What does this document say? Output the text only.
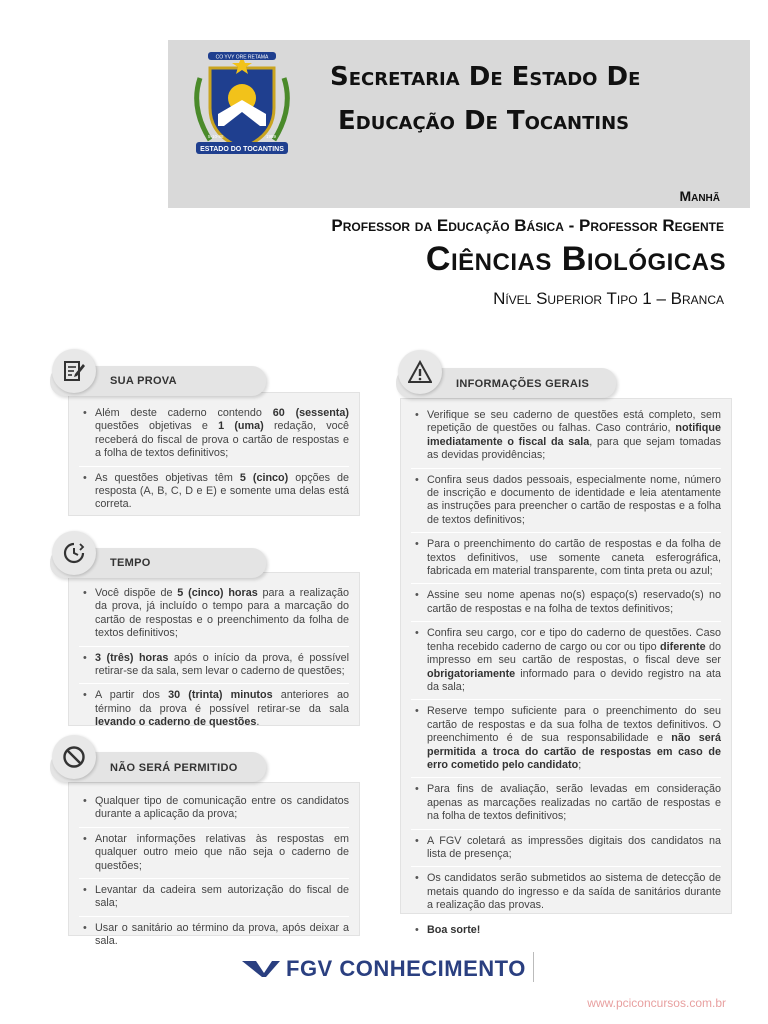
CO YVY ORE RETAMA
ESTADO DO TOCANTINS
5-10-88	1989
Secretaria De Estado De
Educação De Tocantins
Manhã
Professor da Educação Básica - Professor Regente
Ciências Biológicas
Nível Superior Tipo 1 – Branca
• Além deste caderno contendo 60 (sessenta) questões objetivas e 1 (uma) redação, você receberá do fiscal de prova o cartão de respostas e a folha de textos definitivos;
• As questões objetivas têm 5 (cinco) opções de resposta (A, B, C, D e E) e somente uma delas está correta.
SUA PROVA
• Você dispõe de 5 (cinco) horas para a realização da prova, já incluído o tempo para a marcação do cartão de respostas e o preenchimento da folha de textos definitivos;
• 3 (três) horas após o início da prova, é possível retirar-se da sala, sem levar o caderno de questões;
• A partir dos 30 (trinta) minutos anteriores ao término da prova é possível retirar-se da sala levando o caderno de questões.
TEMPO
• Qualquer tipo de comunicação entre os candidatos durante a aplicação da prova;
• Anotar informações relativas às respostas em qualquer outro meio que não seja o caderno de questões;
• Levantar da cadeira sem autorização do fiscal de sala;
• Usar o sanitário ao término da prova, após deixar a sala.
NÃO SERÁ PERMITIDO
• Verifique se seu caderno de questões está completo, sem repetição de questões ou falhas. Caso contrário, notifique imediatamente o fiscal da sala, para que sejam tomadas as devidas providências;
• Confira seus dados pessoais, especialmente nome, número de inscrição e documento de identidade e leia atentamente as instruções para preencher o cartão de respostas e a folha de textos definitivos;
• Para o preenchimento do cartão de respostas e da folha de textos definitivos, use somente caneta esferográfica, fabricada em material transparente, com tinta preta ou azul;
• Assine seu nome apenas no(s) espaço(s) reservado(s) no cartão de respostas e na folha de textos definitivos;
• Confira seu cargo, cor e tipo do caderno de questões. Caso tenha recebido caderno de cargo ou cor ou tipo diferente do impresso em seu cartão de respostas, o fiscal deve ser obrigatoriamente informado para o devido registro na ata da sala;
• Reserve tempo suficiente para o preenchimento do seu cartão de respostas e da sua folha de textos definitivos. O preenchimento é de sua responsabilidade e não será permitida a troca do cartão de respostas em caso de erro cometido pelo candidato;
• Para fins de avaliação, serão levadas em consideração apenas as marcações realizadas no cartão de respostas e na folha de textos definitivos;
• A FGV coletará as impressões digitais dos candidatos na lista de presença;
• Os candidatos serão submetidos ao sistema de detecção de metais quando do ingresso e da saída de sanitários durante a realização das provas.
• Boa sorte!
INFORMAÇÕES GERAIS
FGV CONHECIMENTO
www.pciconcursos.com.br
